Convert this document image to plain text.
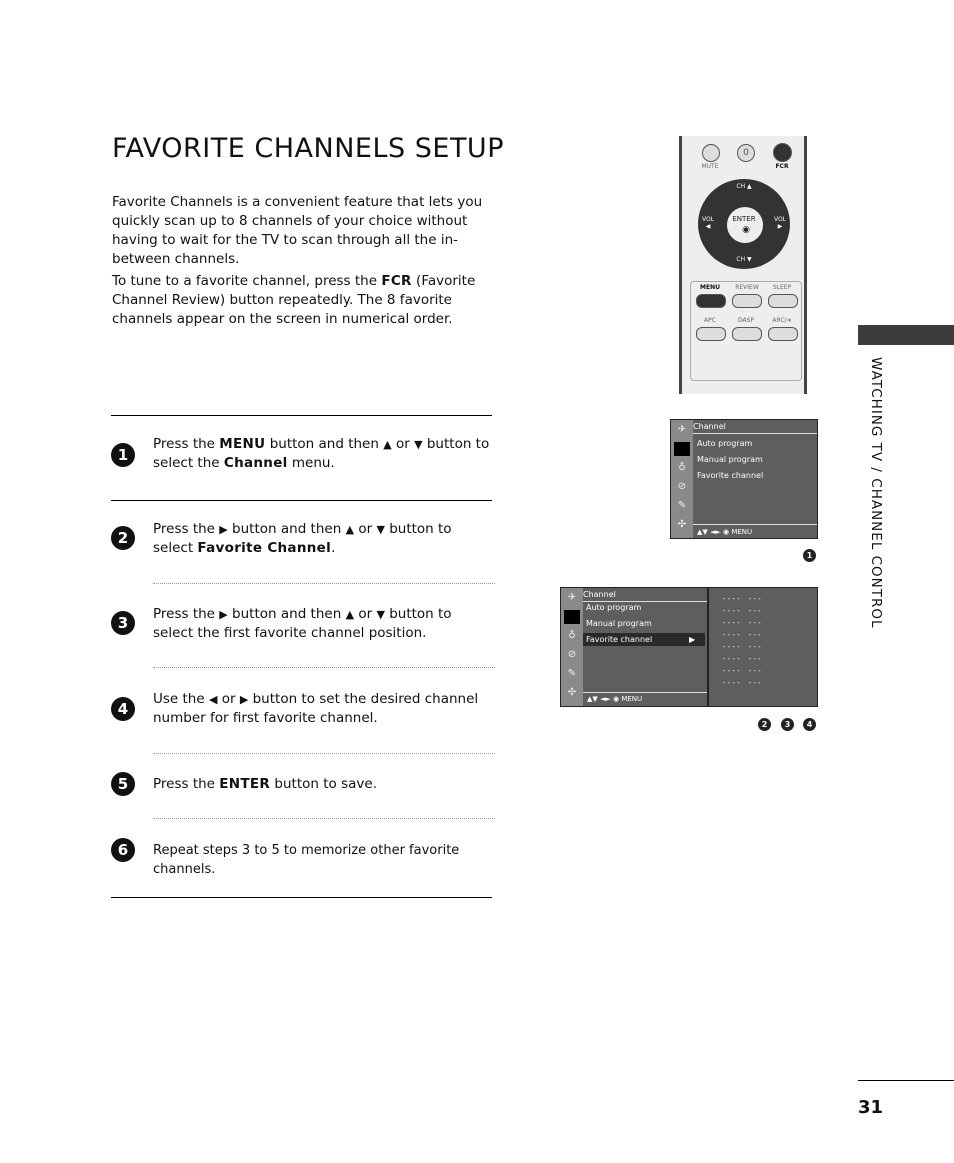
FAVORITE CHANNELS SETUP
Favorite Channels is a convenient feature that lets you quickly scan up to 8 channels of your choice without having to wait for the TV to scan through all the in-between channels.
To tune to a favorite channel, press the FCR (Favorite Channel Review) button repeatedly. The 8 favorite channels appear on the screen in numerical order.
1
Press the MENU button and then ▲ or ▼ button to select the Channel menu.
2	Press the ▶ button and then ▲ or ▼ button to select Favorite Channel.
3	Press the ▶ button and then ▲ or ▼ button to select the first favorite channel position.
4
Use the ◀ or ▶ button to set the desired channel number for first favorite channel.
5	Press the ENTER button to save.
6	Repeat steps 3 to 5 to memorize other favorite channels.
MUTE
0
FCR
ENTER
◉
CH ▲
CH ▼
VOL
◀
VOL
▶
MENU	REVIEW	SLEEP
APC	DASP	ARC/∗
✈
♁
⊘
✎
✣
Channel
Auto program
Manual program
Favorite channel
▲▼ ◄► ◉ MENU
1
✈
♁
⊘
✎
✣
Channel
Auto program
Manual program
Favorite channel	▶
▲▼ ◄► ◉ MENU
- - - -    - - -
- - - -    - - -
- - - -    - - -
- - - -    - - -
- - - -    - - -
- - - -    - - -
- - - -    - - -
- - - -    - - -
2	3	4
WATCHING TV / CHANNEL CONTROL
31
